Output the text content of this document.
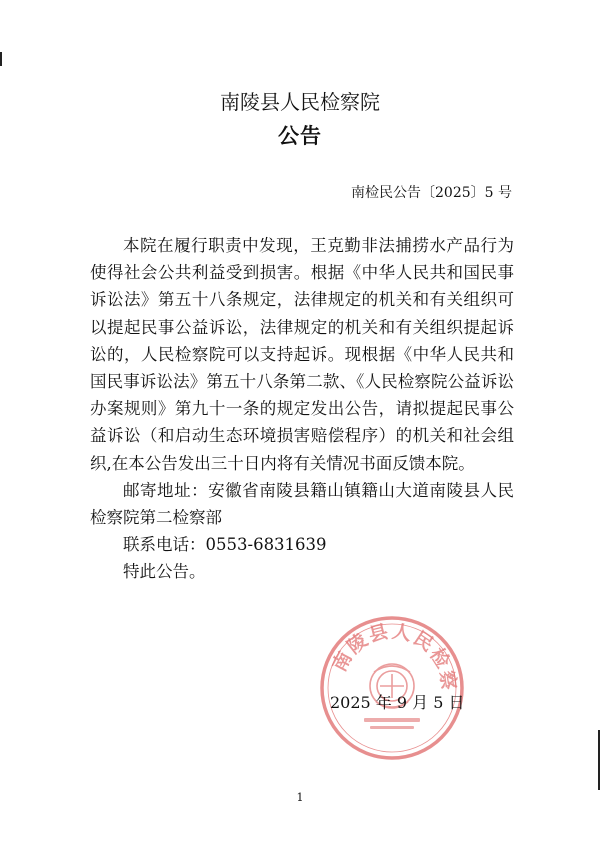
南陵县人民检察院
公告
南检民公告〔2025〕5 号

本院在履行职责中发现，王克勤非法捕捞水产品行为使得社会公共利益受到损害。根据《中华人民共和国民事诉讼法》第五十八条规定，法律规定的机关和有关组织可以提起民事公益诉讼，法律规定的机关和有关组织提起诉讼的，人民检察院可以支持起诉。现根据《中华人民共和国民事诉讼法》第五十八条第二款、《人民检察院公益诉讼办案规则》第九十一条的规定发出公告，请拟提起民事公益诉讼（和启动生态环境损害赔偿程序）的机关和社会组织,在本公告发出三十日内将有关情况书面反馈本院。

邮寄地址：安徽省南陵县籍山镇籍山大道南陵县人民检察院第二检察部

联系电话：0553-6831639

特此公告。

南
陵
县 人
民
检
察
2025 年 9 月 5 日
1
